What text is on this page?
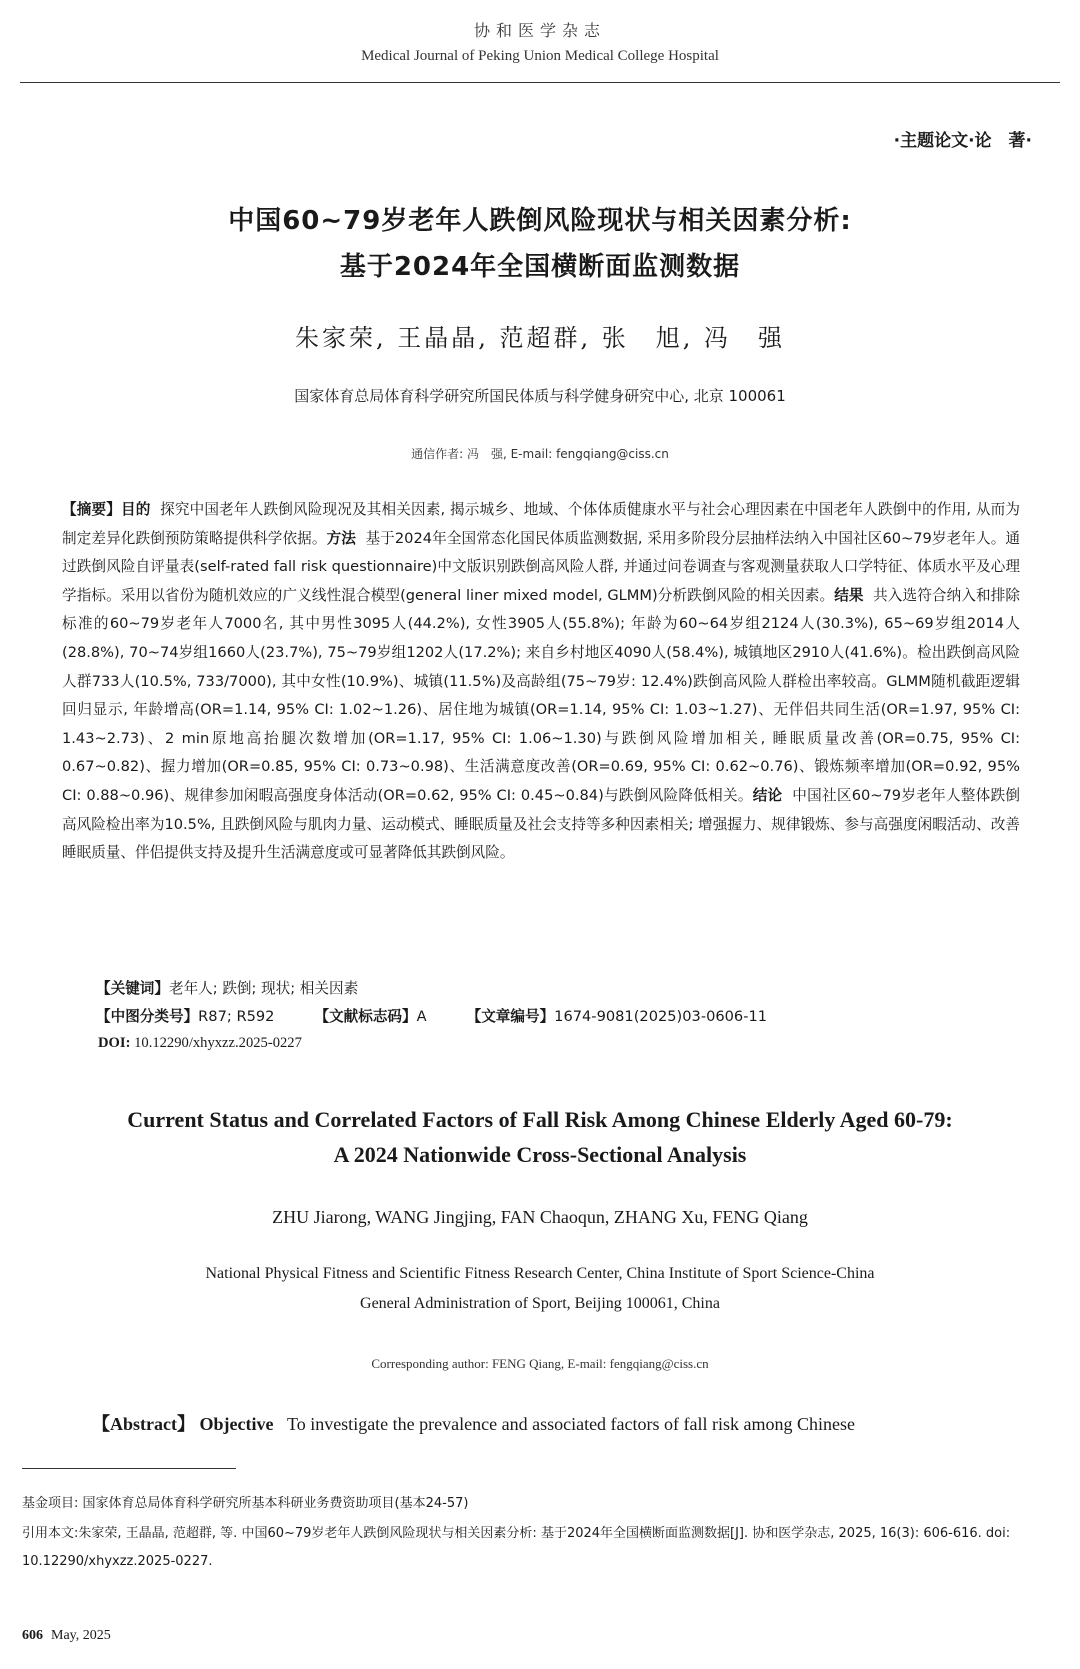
协和医学杂志
Medical Journal of Peking Union Medical College Hospital
·主题论文·论　著·
中国60~79岁老年人跌倒风险现状与相关因素分析:
基于2024年全国横断面监测数据
朱家荣, 王晶晶, 范超群, 张　旭, 冯　强
国家体育总局体育科学研究所国民体质与科学健身研究中心, 北京 100061
通信作者: 冯　强, E-mail: fengqiang@ciss.cn
【摘要】目的 探究中国老年人跌倒风险现况及其相关因素, 揭示城乡、地域、个体体质健康水平与社会心理因素在中国老年人跌倒中的作用, 从而为制定差异化跌倒预防策略提供科学依据。方法 基于2024年全国常态化国民体质监测数据, 采用多阶段分层抽样法纳入中国社区60~79岁老年人。通过跌倒风险自评量表(self-rated fall risk questionnaire)中文版识别跌倒高风险人群, 并通过问卷调查与客观测量获取人口学特征、体质水平及心理学指标。采用以省份为随机效应的广义线性混合模型(general liner mixed model, GLMM)分析跌倒风险的相关因素。结果 共入选符合纳入和排除标准的60~79岁老年人7000名, 其中男性3095人(44.2%), 女性3905人(55.8%); 年龄为60~64岁组2124人(30.3%), 65~69岁组2014人(28.8%), 70~74岁组1660人(23.7%), 75~79岁组1202人(17.2%); 来自乡村地区4090人(58.4%), 城镇地区2910人(41.6%)。检出跌倒高风险人群733人(10.5%, 733/7000), 其中女性(10.9%)、城镇(11.5%)及高龄组(75~79岁: 12.4%)跌倒高风险人群检出率较高。GLMM随机截距逻辑回归显示, 年龄增高(OR=1.14, 95% CI: 1.02~1.26)、居住地为城镇(OR=1.14, 95% CI: 1.03~1.27)、无伴侣共同生活(OR=1.97, 95% CI: 1.43~2.73)、2 min原地高抬腿次数增加(OR=1.17, 95% CI: 1.06~1.30)与跌倒风险增加相关, 睡眠质量改善(OR=0.75, 95% CI: 0.67~0.82)、握力增加(OR=0.85, 95% CI: 0.73~0.98)、生活满意度改善(OR=0.69, 95% CI: 0.62~0.76)、锻炼频率增加(OR=0.92, 95% CI: 0.88~0.96)、规律参加闲暇高强度身体活动(OR=0.62, 95% CI: 0.45~0.84)与跌倒风险降低相关。结论 中国社区60~79岁老年人整体跌倒高风险检出率为10.5%, 且跌倒风险与肌肉力量、运动模式、睡眠质量及社会支持等多种因素相关; 增强握力、规律锻炼、参与高强度闲暇活动、改善睡眠质量、伴侣提供支持及提升生活满意度或可显著降低其跌倒风险。
【关键词】老年人; 跌倒; 现状; 相关因素
【中图分类号】R87; R592	【文献标志码】A	【文章编号】1674-9081(2025)03-0606-11
DOI: 10.12290/xhyxzz.2025-0227
Current Status and Correlated Factors of Fall Risk Among Chinese Elderly Aged 60-79:
A 2024 Nationwide Cross-Sectional Analysis
ZHU Jiarong, WANG Jingjing, FAN Chaoqun, ZHANG Xu, FENG Qiang
National Physical Fitness and Scientific Fitness Research Center, China Institute of Sport Science-China
General Administration of Sport, Beijing 100061, China
Corresponding author: FENG Qiang, E-mail: fengqiang@ciss.cn
【Abstract】 Objective To investigate the prevalence and associated factors of fall risk among Chinese
基金项目: 国家体育总局体育科学研究所基本科研业务费资助项目(基本24-57)
引用本文:朱家荣, 王晶晶, 范超群, 等. 中国60~79岁老年人跌倒风险现状与相关因素分析: 基于2024年全国横断面监测数据[J]. 协和医学杂志, 2025, 16(3): 606-616. doi: 10.12290/xhyxzz.2025-0227.
606 May, 2025
